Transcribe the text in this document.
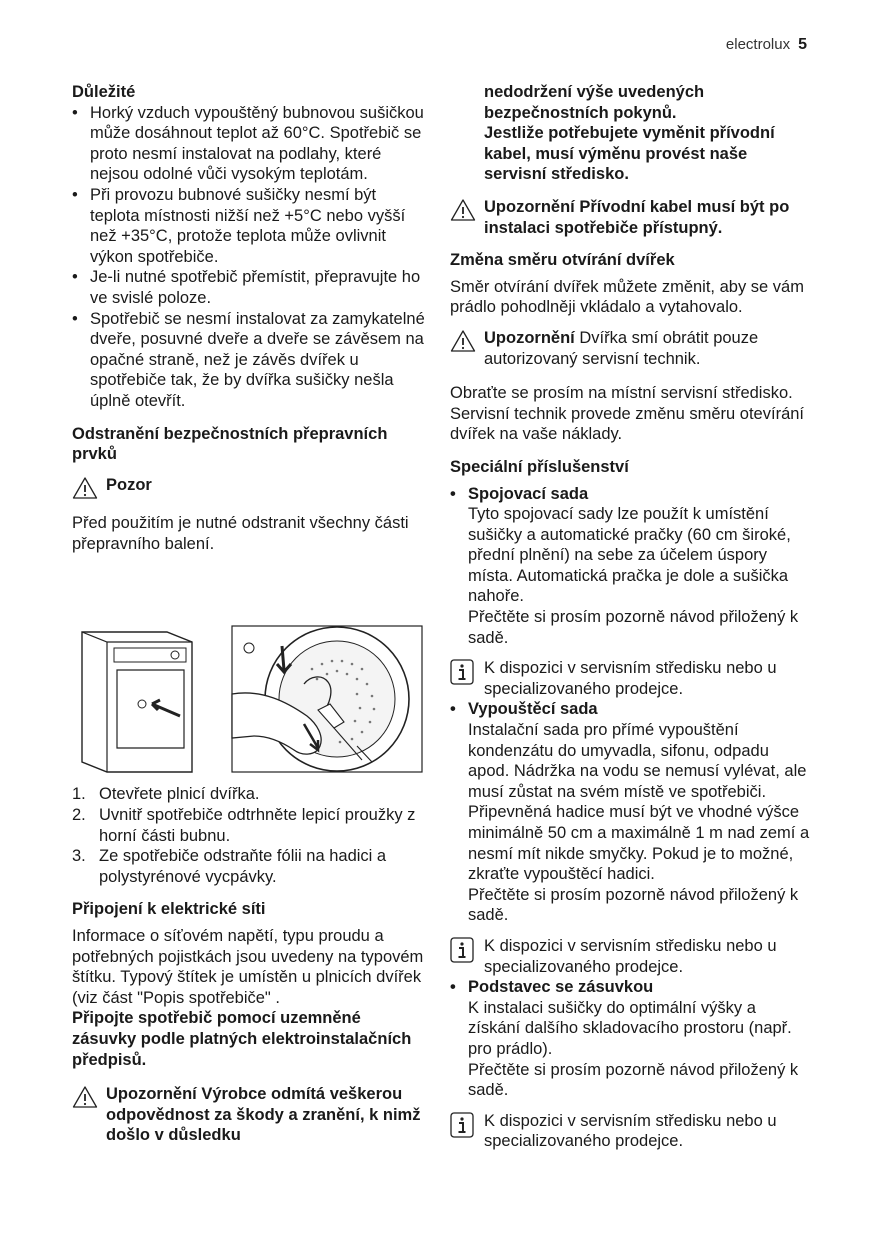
electrolux 5

Důležité

• Horký vzduch vypouštěný bubnovou sušičkou může dosáhnout teplot až 60°C. Spotřebič se proto nesmí instalovat na podlahy, které nejsou odolné vůči vysokým teplotám.

• Při provozu bubnové sušičky nesmí být teplota místnosti nižší než +5°C nebo vyšší než +35°C, protože teplota může ovlivnit výkon spotřebiče.

• Je-li nutné spotřebič přemístit, přepravujte ho ve svislé poloze.

• Spotřebič se nesmí instalovat za zamykatelné dveře, posuvné dveře a dveře se závěsem na opačné straně, než je závěs dvířek u spotřebiče tak, že by dvířka sušičky nešla úplně otevřít.

Odstranění bezpečnostních přepravních prvků

Pozor

Před použitím je nutné odstranit všechny části přepravního balení.

1. Otevřete plnicí dvířka.

2. Uvnitř spotřebiče odtrhněte lepicí proužky z horní části bubnu.

3. Ze spotřebiče odstraňte fólii na hadici a polystyrénové vycpávky.

Připojení k elektrické síti

Informace o síťovém napětí, typu proudu a potřebných pojistkách jsou uvedeny na typovém štítku. Typový štítek je umístěn u plnicích dvířek (viz část "Popis spotřebiče" .

Připojte spotřebič pomocí uzemněné zásuvky podle platných elektroinstalačních předpisů.

Upozornění Výrobce odmítá veškerou odpovědnost za škody a zranění, k nimž došlo v důsledku

nedodržení výše uvedených bezpečnostních pokynů.

Jestliže potřebujete vyměnit přívodní kabel, musí výměnu provést naše servisní středisko.

Upozornění Přívodní kabel musí být po instalaci spotřebiče přístupný.

Změna směru otvírání dvířek

Směr otvírání dvířek můžete změnit, aby se vám prádlo pohodlněji vkládalo a vytahovalo.

Upozornění Dvířka smí obrátit pouze autorizovaný servisní technik.

Obraťte se prosím na místní servisní středisko. Servisní technik provede změnu směru otevírání dvířek na vaše náklady.

Speciální příslušenství

• Spojovací sada

Tyto spojovací sady lze použít k umístění sušičky a automatické pračky (60 cm široké, přední plnění) na sebe za účelem úspory místa. Automatická pračka je dole a sušička nahoře.

Přečtěte si prosím pozorně návod přiložený k sadě.

K dispozici v servisním středisku nebo u specializovaného prodejce.

• Vypouštěcí sada

Instalační sada pro přímé vypouštění kondenzátu do umyvadla, sifonu, odpadu apod. Nádržka na vodu se nemusí vylévat, ale musí zůstat na svém místě ve spotřebiči.

Připevněná hadice musí být ve vhodné výšce minimálně 50 cm a maximálně 1 m nad zemí a nesmí mít nikde smyčky. Pokud je to možné, zkraťte vypouštěcí hadici.

Přečtěte si prosím pozorně návod přiložený k sadě.

K dispozici v servisním středisku nebo u specializovaného prodejce.

• Podstavec se zásuvkou

K instalaci sušičky do optimální výšky a získání dalšího skladovacího prostoru (např. pro prádlo).

Přečtěte si prosím pozorně návod přiložený k sadě.

K dispozici v servisním středisku nebo u specializovaného prodejce.
